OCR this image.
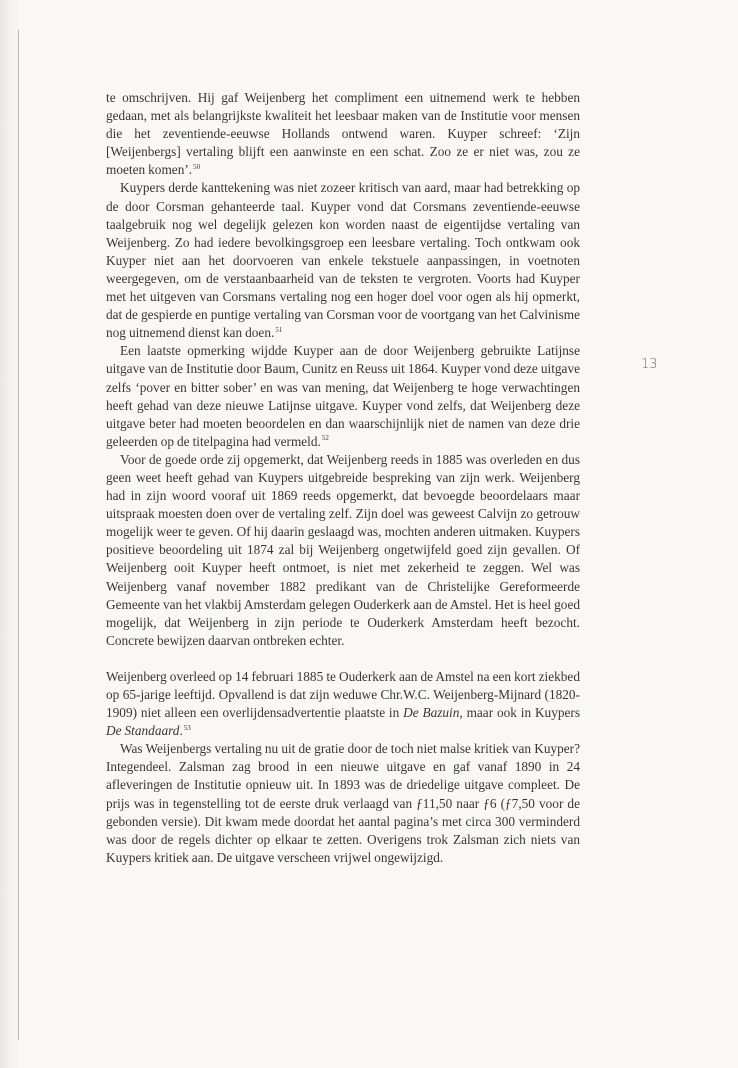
te omschrijven. Hij gaf Weijenberg het compliment een uitnemend werk te hebben gedaan, met als belangrijkste kwaliteit het leesbaar maken van de Institutie voor mensen die het zeventiende-eeuwse Hollands ontwend waren. Kuyper schreef: ‘Zijn [Weijenbergs] vertaling blijft een aanwinste en een schat. Zoo ze er niet was, zou ze moeten komen’.$^{50}$

Kuypers derde kanttekening was niet zozeer kritisch van aard, maar had betrekking op de door Corsman gehanteerde taal. Kuyper vond dat Corsmans zeventiende-eeuwse taalgebruik nog wel degelijk gelezen kon worden naast de eigentijdse vertaling van Weijenberg. Zo had iedere bevolkingsgroep een leesbare vertaling. Toch ontkwam ook Kuyper niet aan het doorvoeren van enkele tekstuele aanpassingen, in voetnoten weergegeven, om de verstaanbaarheid van de teksten te vergroten. Voorts had Kuyper met het uitgeven van Corsmans vertaling nog een hoger doel voor ogen als hij opmerkt, dat de gespierde en puntige vertaling van Corsman voor de voortgang van het Calvinisme nog uitnemend dienst kan doen.$^{51}$

Een laatste opmerking wijdde Kuyper aan de door Weijenberg gebruikte Latijnse uitgave van de Institutie door Baum, Cunitz en Reuss uit 1864. Kuyper vond deze uitgave zelfs ‘pover en bitter sober’ en was van mening, dat Weijenberg te hoge verwachtingen heeft gehad van deze nieuwe Latijnse uitgave. Kuyper vond zelfs, dat Weijenberg deze uitgave beter had moeten beoordelen en dan waarschijnlijk niet de namen van deze drie geleerden op de titelpagina had vermeld.$^{52}$

Voor de goede orde zij opgemerkt, dat Weijenberg reeds in 1885 was overleden en dus geen weet heeft gehad van Kuypers uitgebreide bespreking van zijn werk. Weijenberg had in zijn woord vooraf uit 1869 reeds opgemerkt, dat bevoegde beoordelaars maar uitspraak moesten doen over de vertaling zelf. Zijn doel was geweest Calvijn zo getrouw mogelijk weer te geven. Of hij daarin geslaagd was, mochten anderen uitmaken. Kuypers positieve beoordeling uit 1874 zal bij Weijenberg ongetwijfeld goed zijn gevallen. Of Weijenberg ooit Kuyper heeft ontmoet, is niet met zekerheid te zeggen. Wel was Weijenberg vanaf november 1882 predikant van de Christelijke Gereformeerde Gemeente van het vlakbij Amsterdam gelegen Ouderkerk aan de Amstel. Het is heel goed mogelijk, dat Weijenberg in zijn periode te Ouderkerk Amsterdam heeft bezocht. Concrete bewijzen daarvan ontbreken echter.

Weijenberg overleed op 14 februari 1885 te Ouderkerk aan de Amstel na een kort ziekbed op 65-jarige leeftijd. Opvallend is dat zijn weduwe Chr.W.C. Weijenberg-Mijnard (1820-1909) niet alleen een overlijdensadvertentie plaatste in De Bazuin, maar ook in Kuypers De Standaard.$^{53}$

Was Weijenbergs vertaling nu uit de gratie door de toch niet malse kritiek van Kuyper? Integendeel. Zalsman zag brood in een nieuwe uitgave en gaf vanaf 1890 in 24 afleveringen de Institutie opnieuw uit. In 1893 was de driedelige uitgave compleet. De prijs was in tegenstelling tot de eerste druk verlaagd van ƒ11,50 naar ƒ6 (ƒ7,50 voor de gebonden versie). Dit kwam mede doordat het aantal pagina’s met circa 300 verminderd was door de regels dichter op elkaar te zetten. Overigens trok Zalsman zich niets van Kuypers kritiek aan. De uitgave verscheen vrijwel ongewijzigd.

13
